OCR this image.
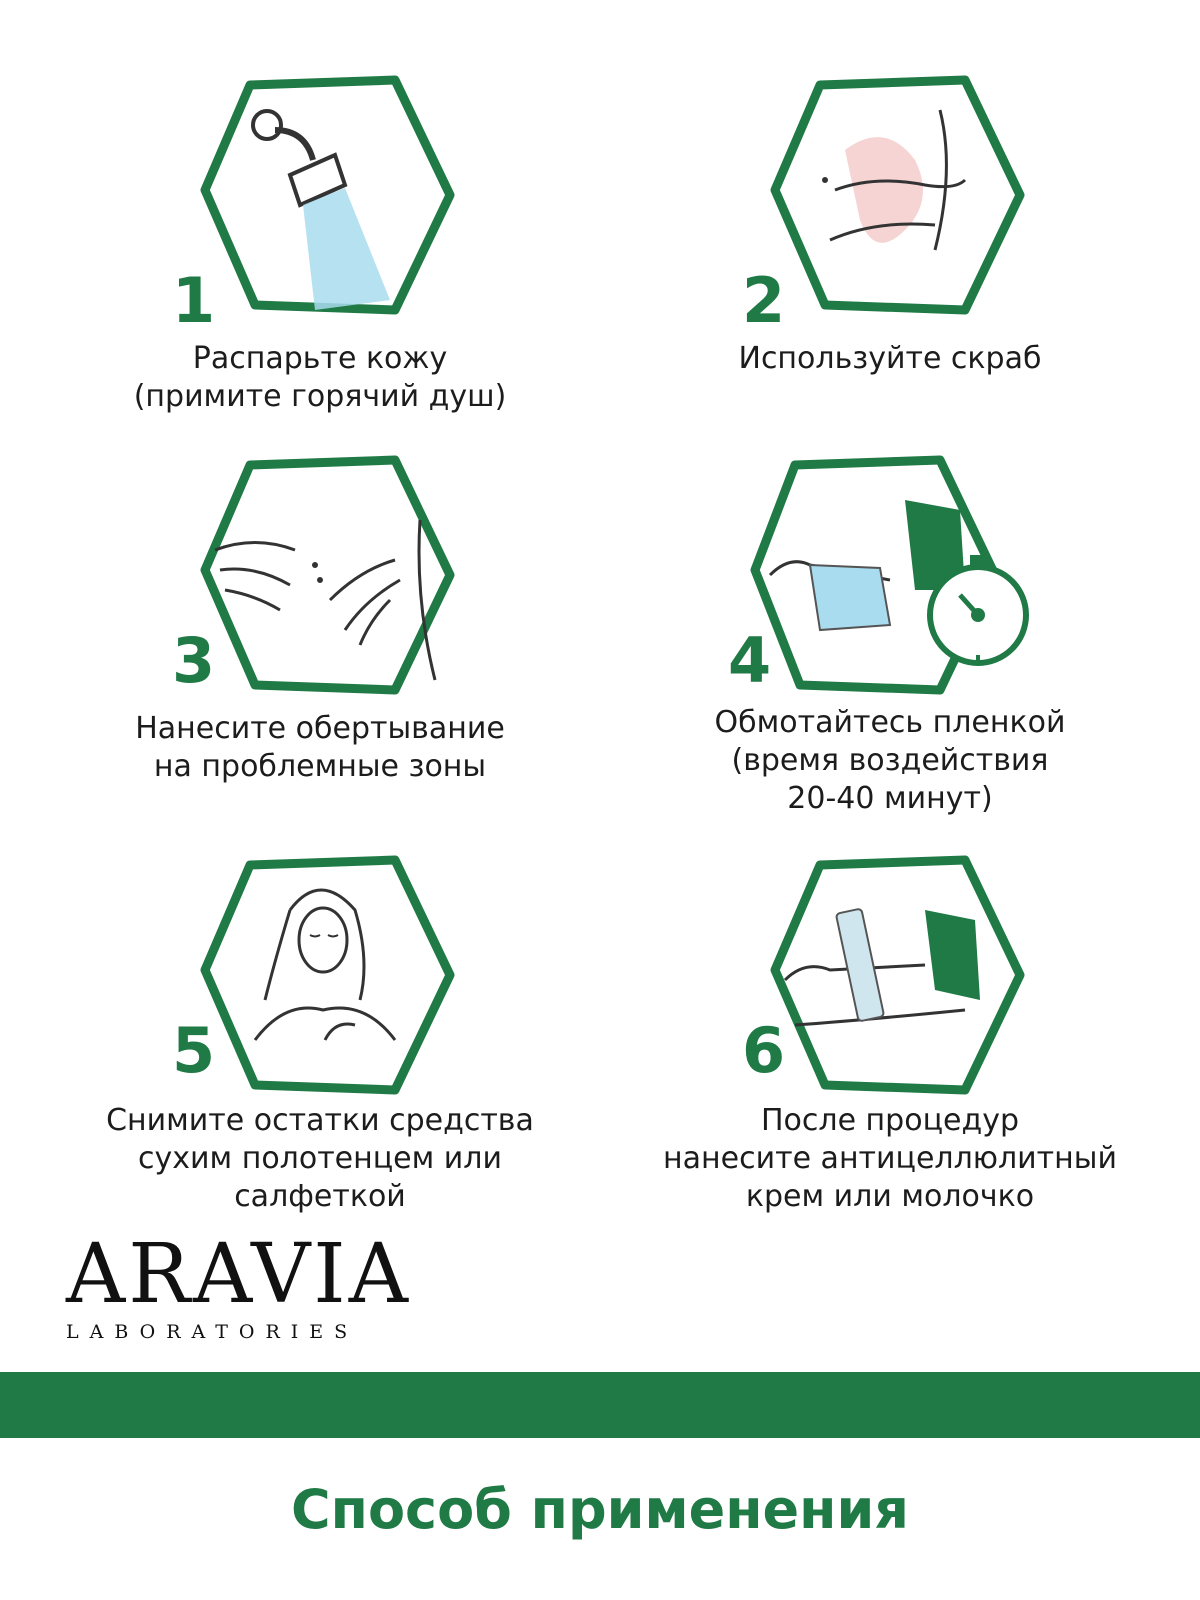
1
Распарьте кожу
(примите горячий душ)
2
Используйте скраб
3
Нанесите обертывание
на проблемные зоны
4
Обмотайтесь пленкой
(время воздействия
20-40 минут)
5
Снимите остатки средства
сухим полотенцем или салфеткой
6
После процедур
нанесите антицеллюлитный
крем или молочко
ARAVIA
LABORATORIES
Способ применения
